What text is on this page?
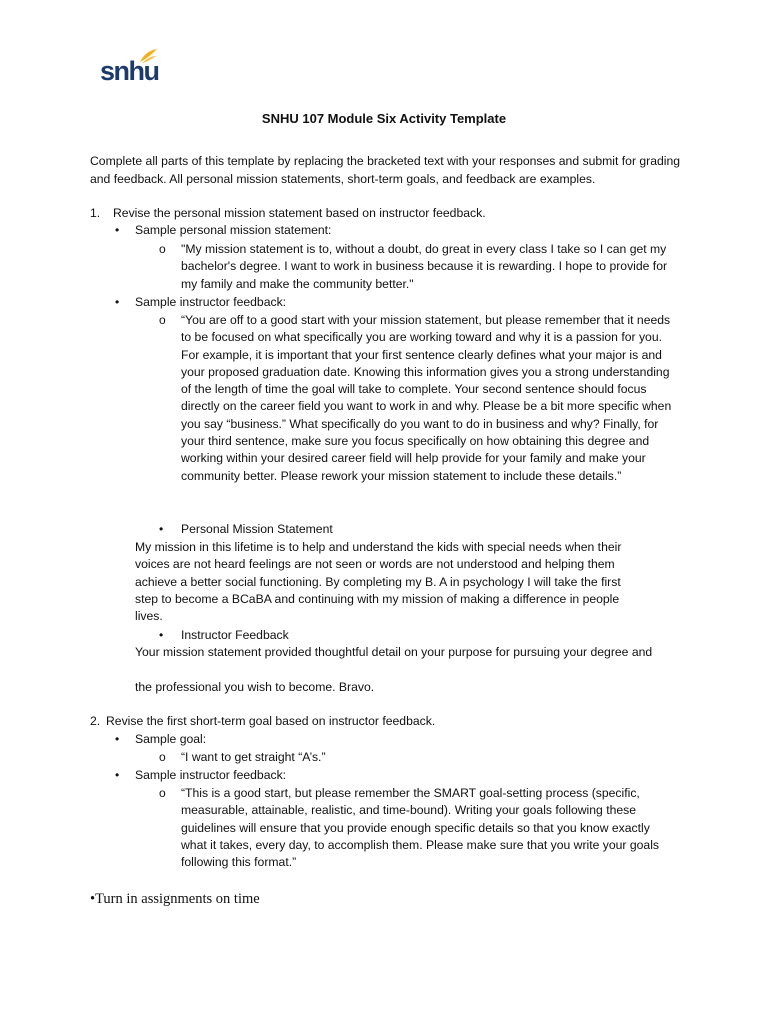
snhu
SNHU 107 Module Six Activity Template
Complete all parts of this template by replacing the bracketed text with your responses and submit for grading and feedback. All personal mission statements, short-term goals, and feedback are examples.
1. Revise the personal mission statement based on instructor feedback.
• Sample personal mission statement:
o "My mission statement is to, without a doubt, do great in every class I take so I can get my bachelor's degree. I want to work in business because it is rewarding. I hope to provide for my family and make the community better."
• Sample instructor feedback:
o “You are off to a good start with your mission statement, but please remember that it needs to be focused on what specifically you are working toward and why it is a passion for you. For example, it is important that your first sentence clearly defines what your major is and your proposed graduation date. Knowing this information gives you a strong understanding of the length of time the goal will take to complete. Your second sentence should focus directly on the career field you want to work in and why. Please be a bit more specific when you say “business.” What specifically do you want to do in business and why? Finally, for your third sentence, make sure you focus specifically on how obtaining this degree and working within your desired career field will help provide for your family and make your community better. Please rework your mission statement to include these details.”
• Personal Mission Statement
My mission in this lifetime is to help and understand the kids with special needs when their voices are not heard feelings are not seen or words are not understood and helping them achieve a better social functioning. By completing my B. A in psychology I will take the first step to become a BCaBA and continuing with my mission of making a difference in people lives.
• Instructor Feedback
Your mission statement provided thoughtful detail on your purpose for pursuing your degree and
the professional you wish to become. Bravo.
2. Revise the first short-term goal based on instructor feedback.
• Sample goal:
o “I want to get straight “A’s.”
• Sample instructor feedback:
o “This is a good start, but please remember the SMART goal-setting process (specific, measurable, attainable, realistic, and time-bound). Writing your goals following these guidelines will ensure that you provide enough specific details so that you know exactly what it takes, every day, to accomplish them. Please make sure that you write your goals following this format.”
•Turn in assignments on time
